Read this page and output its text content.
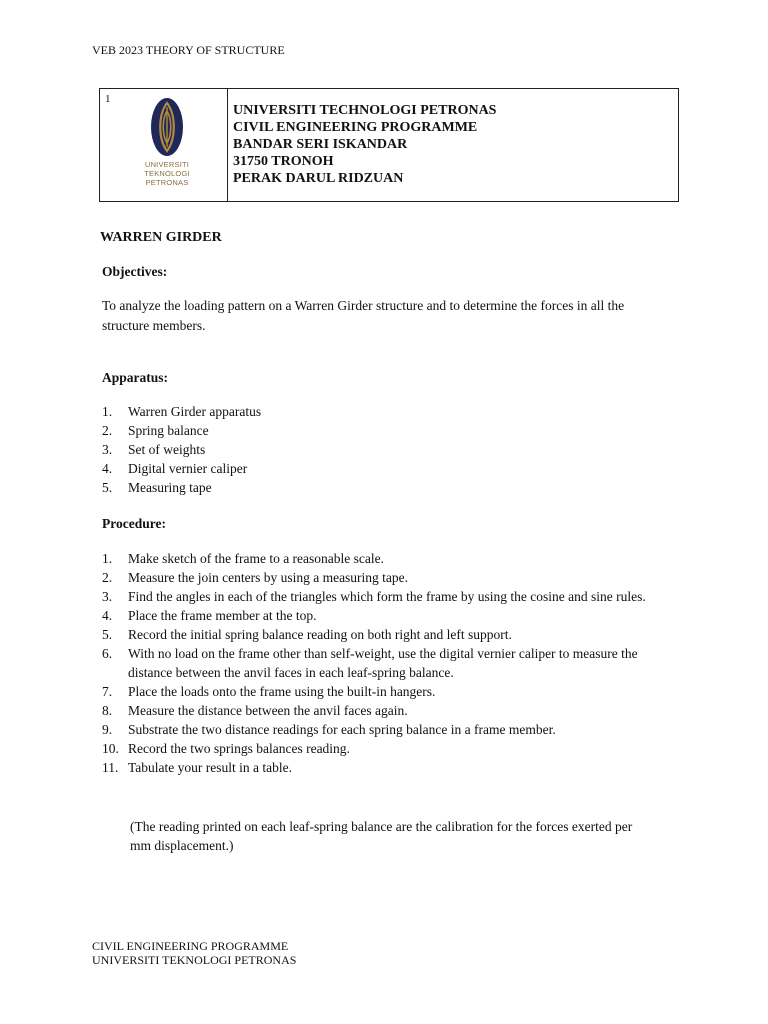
VEB 2023 THEORY OF STRUCTURE
1
UNIVERSITI
TEKNOLOGI
PETRONAS
UNIVERSITI TECHNOLOGI PETRONAS
CIVIL ENGINEERING PROGRAMME
BANDAR SERI ISKANDAR
31750 TRONOH
PERAK DARUL RIDZUAN
WARREN GIRDER
Objectives:
To analyze the loading pattern on a Warren Girder structure and to determine the forces in all the structure members.
Apparatus:
1. Warren Girder apparatus
2. Spring balance
3. Set of weights
4. Digital vernier caliper
5. Measuring tape
Procedure:
1. Make sketch of the frame to a reasonable scale.
2. Measure the join centers by using a measuring tape.
3. Find the angles in each of the triangles which form the frame by using the cosine and sine rules.
4. Place the frame member at the top.
5. Record the initial spring balance reading on both right and left support.
6. With no load on the frame other than self-weight, use the digital vernier caliper to measure the distance between the anvil faces in each leaf-spring balance.
7. Place the loads onto the frame using the built-in hangers.
8. Measure the distance between the anvil faces again.
9. Substrate the two distance readings for each spring balance in a frame member.
10. Record the two springs balances reading.
11. Tabulate your result in a table.
(The reading printed on each leaf-spring balance are the calibration for the forces exerted per mm displacement.)
CIVIL ENGINEERING PROGRAMME
UNIVERSITI TEKNOLOGI PETRONAS
